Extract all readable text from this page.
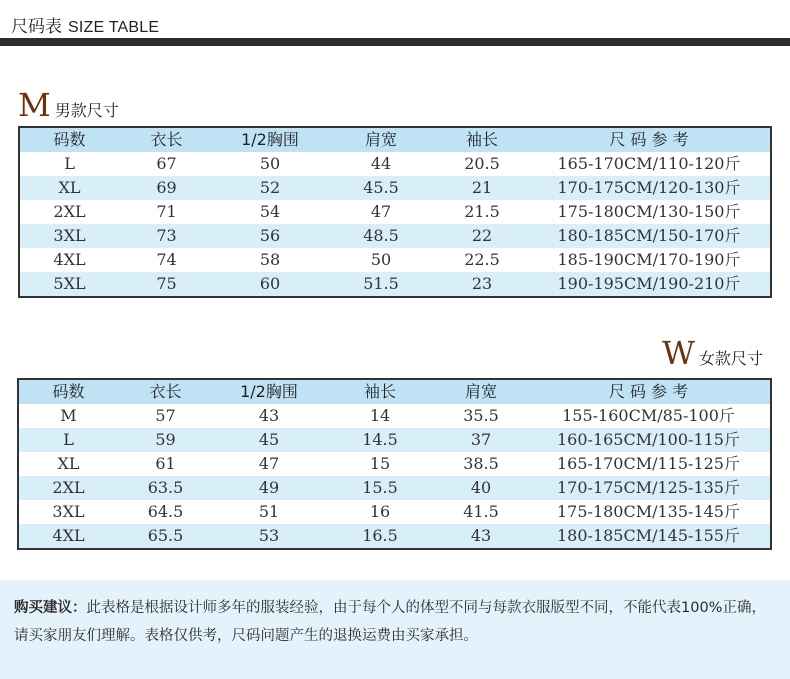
尺码表 SIZE TABLE
M男款尺寸
码数	衣长	1/2胸围	肩宽	袖长	尺 码 参 考
L	67	50	44	20.5	165-170CM/110-120斤
XL	69	52	45.5	21	170-175CM/120-130斤
2XL	71	54	47	21.5	175-180CM/130-150斤
3XL	73	56	48.5	22	180-185CM/150-170斤
4XL	74	58	50	22.5	185-190CM/170-190斤
5XL	75	60	51.5	23	190-195CM/190-210斤
W女款尺寸
码数	衣长	1/2胸围	袖长	肩宽	尺 码 参 考
M	57	43	14	35.5	155-160CM/85-100斤
L	59	45	14.5	37	160-165CM/100-115斤
XL	61	47	15	38.5	165-170CM/115-125斤
2XL	63.5	49	15.5	40	170-175CM/125-135斤
3XL	64.5	51	16	41.5	175-180CM/135-145斤
4XL	65.5	53	16.5	43	180-185CM/145-155斤
购买建议：此表格是根据设计师多年的服装经验，由于每个人的体型不同与每款衣服版型不同，不能代表100%正确，请买家朋友们理解。表格仅供考，尺码问题产生的退换运费由买家承担。
